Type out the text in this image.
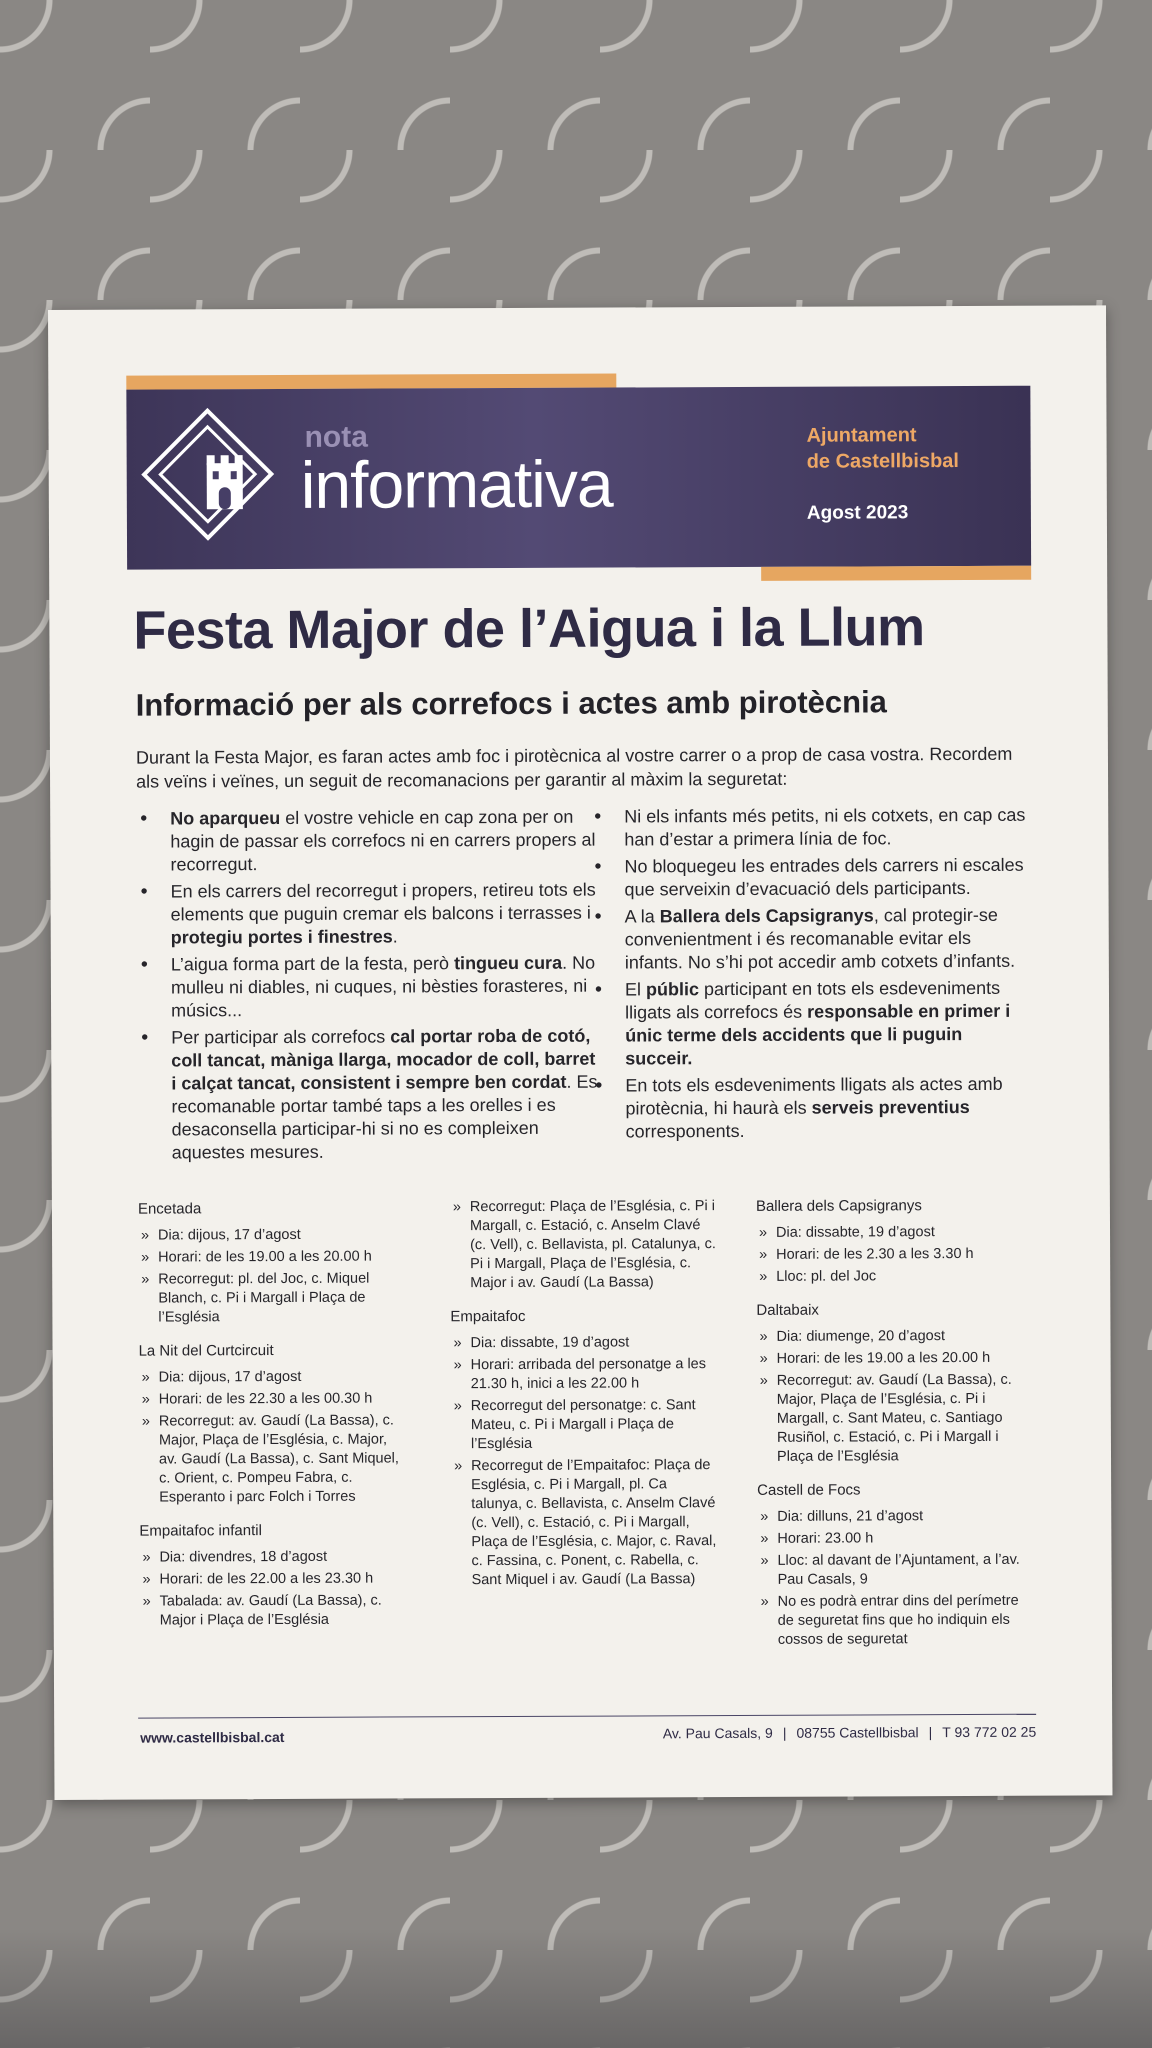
nota
informativa
Ajuntament
de Castellbisbal
Agost 2023
Festa Major de l’Aigua i la Llum
Informació per als correfocs i actes amb pirotècnia
Durant la Festa Major, es faran actes amb foc i pirotècnica al vostre carrer o a prop de casa vostra. Recordem als veïns i veïnes, un seguit de recomanacions per garantir al màxim la seguretat:
• No aparqueu el vostre vehicle en cap zona per on hagin de passar els correfocs ni en carrers propers al recorregut.
• En els carrers del recorregut i propers, retireu tots els elements que puguin cremar els balcons i terrasses i protegiu portes i finestres.
• L’aigua forma part de la festa, però tingueu cura. No mulleu ni diables, ni cuques, ni bèsties forasteres, ni músics...
• Per participar als correfocs cal portar roba de cotó, coll tancat, màniga llarga, mocador de coll, barret i calçat tancat, consistent i sempre ben cordat. Es recomanable portar també taps a les orelles i es desaconsella participar-hi si no es compleixen aquestes mesures.
• Ni els infants més petits, ni els cotxets, en cap cas han d’estar a primera línia de foc.
• No bloquegeu les entrades dels carrers ni escales que serveixin d’evacuació dels participants.
• A la Ballera dels Capsigranys, cal protegir-se convenientment i és recomanable evitar els infants. No s’hi pot accedir amb cotxets d’infants.
• El públic participant en tots els esdeveniments lligats als correfocs és responsable en primer i únic terme dels accidents que li puguin succeir.
• En tots els esdeveniments lligats als actes amb pirotècnia, hi haurà els serveis preventius corresponents.
Encetada
» Dia: dijous, 17 d’agost
» Horari: de les 19.00 a les 20.00 h
» Recorregut: pl. del Joc, c. Miquel Blanch, c. Pi i Margall i Plaça de l’Església
La Nit del Curtcircuit
» Dia: dijous, 17 d’agost
» Horari: de les 22.30 a les 00.30 h
» Recorregut: av. Gaudí (La Bassa), c. Major, Plaça de l’Església, c. Major, av. Gaudí (La Bassa), c. Sant Miquel, c. Orient, c. Pompeu Fabra, c. Esperanto i parc Folch i Torres
Empaitafoc infantil
» Dia: divendres, 18 d’agost
» Horari: de les 22.00 a les 23.30 h
» Tabalada: av. Gaudí (La Bassa), c. Major i Plaça de l’Església
» Recorregut: Plaça de l’Església, c. Pi i Margall, c. Estació, c. Anselm Clavé (c. Vell), c. Bellavista, pl. Catalunya, c. Pi i Margall, Plaça de l’Església, c. Major i av. Gaudí (La Bassa)
Empaitafoc
» Dia: dissabte, 19 d’agost
» Horari: arribada del personatge a les 21.30 h, inici a les 22.00 h
» Recorregut del personatge: c. Sant Mateu, c. Pi i Margall i Plaça de l’Església
» Recorregut de l’Empaitafoc: Plaça de Església, c. Pi i Margall, pl. Ca talunya, c. Bellavista, c. Anselm Clavé (c. Vell), c. Estació, c. Pi i Margall, Plaça de l’Església, c. Major, c. Raval, c. Fassina, c. Ponent, c. Rabella, c. Sant Miquel i av. Gaudí (La Bassa)
Ballera dels Capsigranys
» Dia: dissabte, 19 d’agost
» Horari: de les 2.30 a les 3.30 h
» Lloc: pl. del Joc
Daltabaix
» Dia: diumenge, 20 d’agost
» Horari: de les 19.00 a les 20.00 h
» Recorregut: av. Gaudí (La Bassa), c. Major, Plaça de l’Església, c. Pi i Margall, c. Sant Mateu, c. Santiago Rusiñol, c. Estació, c. Pi i Margall i Plaça de l’Església
Castell de Focs
» Dia: dilluns, 21 d’agost
» Horari: 23.00 h
» Lloc: al davant de l’Ajuntament, a l’av. Pau Casals, 9
» No es podrà entrar dins del perímetre de seguretat fins que ho indiquin els cossos de seguretat
www.castellbisbal.cat	Av. Pau Casals, 9 | 08755 Castellbisbal | T 93 772 02 25
